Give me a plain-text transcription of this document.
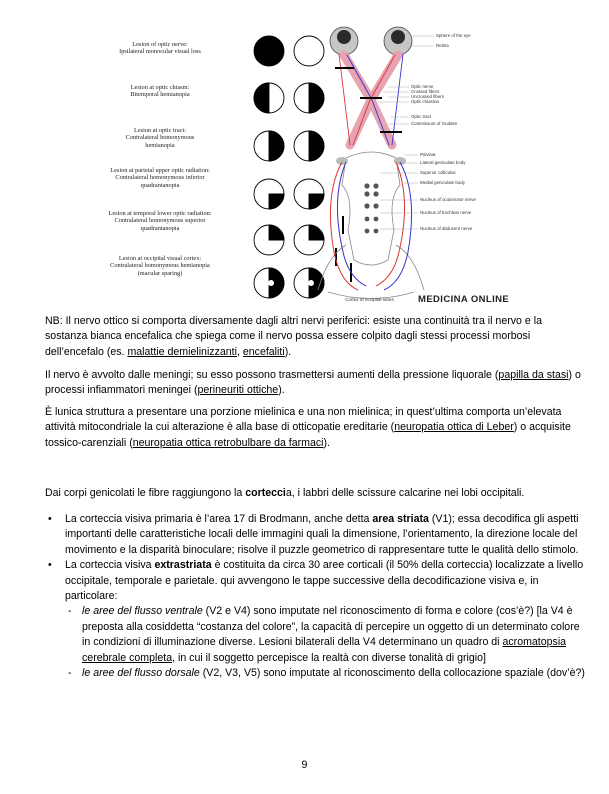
Lesion of optic nerve:
Ipsilateral monocular visual loss
Lesion at optic chiasm:
Bitemporal hemianopia
Lesion at optic tract:
Contralateral homonymous
hemianopia
Lesion at parietal upper optic radiation:
Contralateral homonymous inferior
quadrantanopia
Lesion at temporal lower optic radiation:
Contralateral homonymous superior
quadrantanopia
Lesion at occipital visual cortex:
Contralateral homonymous hemianopia
(macular sparing)
Sphere of the eye
Retina
Optic nerve
Crossed fibers
Uncrossed fibers
Optic chiasma
Optic tract
Commissure of Gudden
Pulvinar
Lateral geniculate body
Superior colliculus
Medial geniculate body
Nucleus of oculomotor nerve
Nucleus of trochlear nerve
Nucleus of abducent nerve
Cortex of occipital lobes	MEDICINA ONLINE
NB: Il nervo ottico si comporta diversamente dagli altri nervi periferici: esiste una continuità tra il nervo e la sostanza bianca encefalica che spiega come il nervo possa essere colpito dagli stessi processi morbosi dell’encefalo (es. malattie demielinizzanti, encefaliti).
Il nervo è avvolto dalle meningi; su esso possono trasmettersi aumenti della pressione liquorale (papilla da stasi) o processi infiammatori meningei (perineuriti ottiche).
È lunica struttura a presentare una porzione mielinica e una non mielinica; in quest’ultima comporta un’elevata attività mitocondriale la cui alterazione è alla base di otticopatie ereditarie (neuropatia ottica di Leber) o acquisite tossico-carenziali (neuropatia ottica retrobulbare da farmaci).
Dai corpi genicolati le fibre raggiungono la corteccia, i labbri delle scissure calcarine nei lobi occipitali.
• La corteccia visiva primaria è l’area 17 di Brodmann, anche detta area striata (V1); essa decodifica gli aspetti importanti delle caratteristiche locali delle immagini quali la dimensione, l’orientamento, la direzione locale del movimento e la disparità binoculare; risolve il puzzle geometrico di rappresentare tutte le qualità dello stimolo.
• La corteccia visiva extrastriata è costituita da circa 30 aree corticali (il 50% della corteccia) localizzate a livello occipitale, temporale e parietale. qui avvengono le tappe successive della decodificazione visiva e, in particolare:
- le aree del flusso ventrale (V2 e V4) sono imputate nel riconoscimento di forma e colore (cos’è?) [la V4 è preposta alla cosiddetta “costanza del colore”, la capacità di percepire un oggetto di un determinato colore in condizioni di illuminazione diverse. Lesioni bilaterali della V4 determinano un quadro di acromatopsia cerebrale completa, in cui il soggetto percepisce la realtà con diverse tonalità di grigio]
- le aree del flusso dorsale (V2, V3, V5) sono imputate al riconoscimento della collocazione spaziale (dov’è?)
9
